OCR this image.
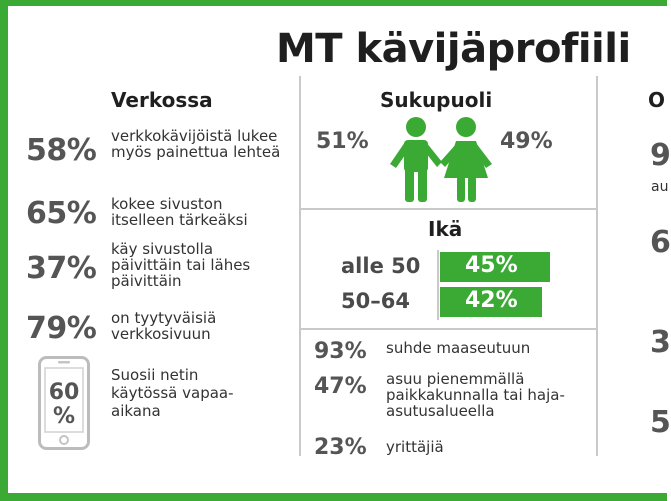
MT kävijäprofiili
Verkossa
58% verkkokävijöistä lukee myös painettua lehteä
65% kokee sivuston itselleen tärkeäksi
37%
käy sivustolla päivittäin tai lähes päivittäin
79% on tyytyväisiä verkkosivuun
60 %
Suosii netin käytössä vapaa-aikana
Sukupuoli
51%	49%
Ikä
alle 50 45%
50–64	42%
93% suhde maaseutuun
47% asuu pienemmällä paikkakunnalla tai haja-asutusalueella
23% yrittäjiä
O
9
au
6
3
5
